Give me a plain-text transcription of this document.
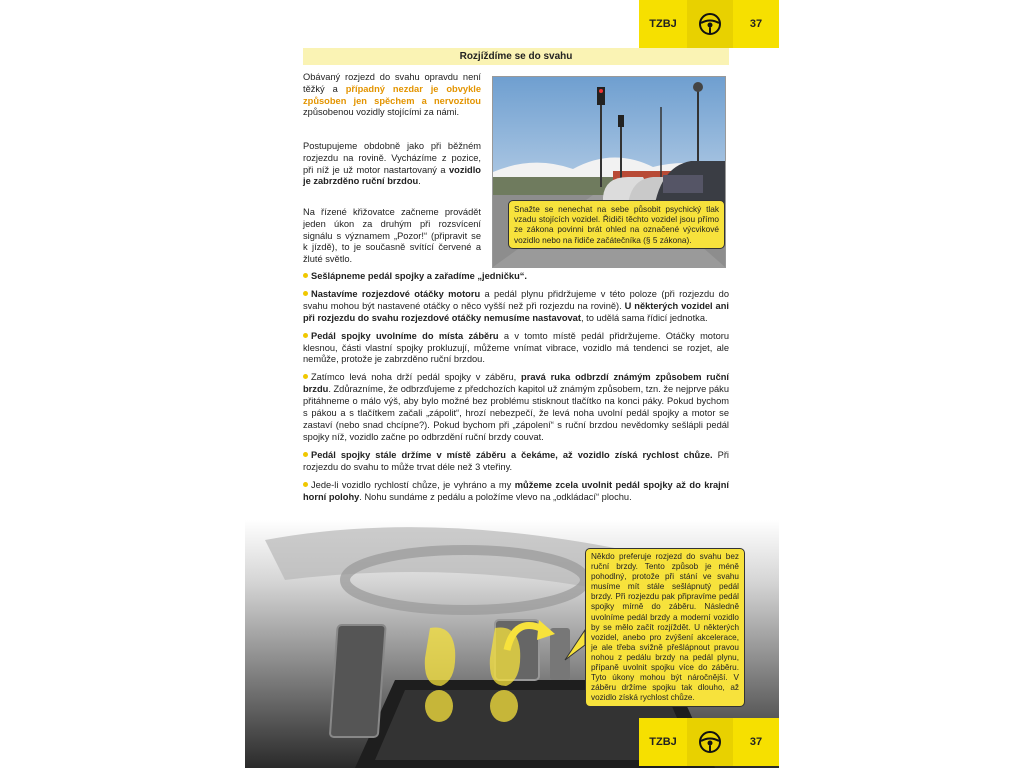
TZBJ	37
Rozjíždíme se do svahu

Obávaný rozjezd do svahu opravdu není těžký a případný nezdar je obvykle způsoben jen spěchem a nervozitou způsobenou vozidly stojícími za námi.

Postupujeme obdobně jako při běžném rozjezdu na rovině. Vycházíme z pozice, při níž je už motor nastartovaný a vozidlo je zabrzděno ruční brzdou.

Na řízené křižovatce začneme provádět jeden úkon za druhým při rozsvícení signálu s významem „Pozor!“ (připravit se k jízdě), to je současně svítící červené a žluté světlo.

Snažte se nenechat na sebe působit psychický tlak vzadu stojících vozidel. Řidiči těchto vozidel jsou přímo ze zákona povinni brát ohled na označené výcvikové vozidlo nebo na řidiče začátečníka (§ 5 zákona).

Sešlápneme pedál spojky a zařadíme „jedničku“.

Nastavíme rozjezdové otáčky motoru a pedál plynu přidržujeme v této poloze (při rozjezdu do svahu mohou být nastavené otáčky o něco vyšší než při rozjezdu na rovině). U některých vozidel ani při rozjezdu do svahu rozjezdové otáčky nemusíme nastavovat, to udělá sama řídicí jednotka.

Pedál spojky uvolníme do místa záběru a v tomto místě pedál přidržujeme. Otáčky motoru klesnou, části vlastní spojky prokluzují, můžeme vnímat vibrace, vozidlo má tendenci se rozjet, ale nemůže, protože je zabrzděno ruční brzdou.

Zatímco levá noha drží pedál spojky v záběru, pravá ruka odbrzdí známým způsobem ruční brzdu. Zdůrazníme, že odbrzďujeme z předchozích kapitol už známým způsobem, tzn. že nejprve páku přitáhneme o málo výš, aby bylo možné bez problému stisknout tlačítko na konci páky. Pokud bychom s pákou a s tlačítkem začali „zápolit“, hrozí nebezpečí, že levá noha uvolní pedál spojky a motor se zastaví (nebo snad chcípne?). Pokud bychom při „zápolení“ s ruční brzdou nevědomky sešlápli pedál spojky níž, vozidlo začne po odbrzdění ruční brzdy couvat.

Pedál spojky stále držíme v místě záběru a čekáme, až vozidlo získá rychlost chůze. Při rozjezdu do svahu to může trvat déle než 3 vteřiny.

Jede-li vozidlo rychlostí chůze, je vyhráno a my můžeme zcela uvolnit pedál spojky až do krajní horní polohy. Nohu sundáme z pedálu a položíme vlevo na „odkládací“ plochu.

Někdo preferuje rozjezd do svahu bez ruční brzdy. Tento způsob je méně pohodlný, protože při stání ve svahu musíme mít stále sešlápnutý pedál brzdy. Při rozjezdu pak připravíme pedál spojky mírně do záběru. Následně uvolníme pedál brzdy a moderní vozidlo by se mělo začít rozjíždět. U některých vozidel, anebo pro zvýšení akcelerace, je ale třeba svižně přešlápnout pravou nohou z pedálu brzdy na pedál plynu, přípaně uvolnit spojku více do záběru. Tyto úkony mohou být náročnější. V záběru držíme spojku tak dlouho, až vozidlo získá rychlost chůze.
TZBJ	37
